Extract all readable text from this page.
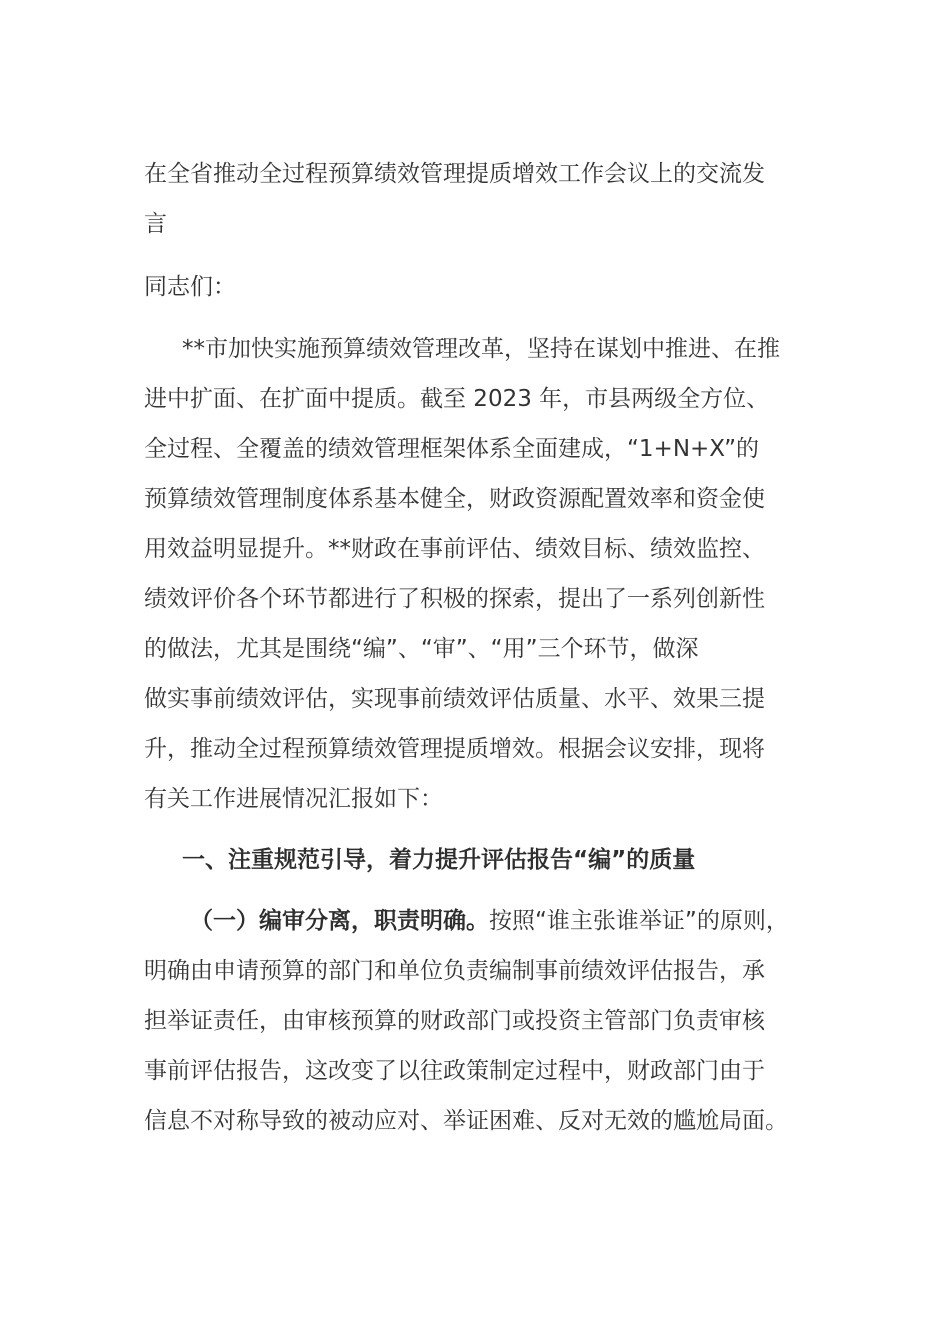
在全省推动全过程预算绩效管理提质增效工作会议上的交流发
言
同志们：
**市加快实施预算绩效管理改革，坚持在谋划中推进、在推
进中扩面、在扩面中提质。截至 2023 年，市县两级全方位、
全过程、全覆盖的绩效管理框架体系全面建成，“1+N+X”的
预算绩效管理制度体系基本健全，财政资源配置效率和资金使
用效益明显提升。**财政在事前评估、绩效目标、绩效监控、
绩效评价各个环节都进行了积极的探索，提出了一系列创新性
的做法，尤其是围绕“编”、“审”、“用”三个环节，做深
做实事前绩效评估，实现事前绩效评估质量、水平、效果三提
升，推动全过程预算绩效管理提质增效。根据会议安排，现将
有关工作进展情况汇报如下：
一、注重规范引导，着力提升评估报告“编”的质量
（一）编审分离，职责明确。按照“谁主张谁举证”的原则，
明确由申请预算的部门和单位负责编制事前绩效评估报告，承
担举证责任，由审核预算的财政部门或投资主管部门负责审核
事前评估报告，这改变了以往政策制定过程中，财政部门由于
信息不对称导致的被动应对、举证困难、反对无效的尴尬局面。
